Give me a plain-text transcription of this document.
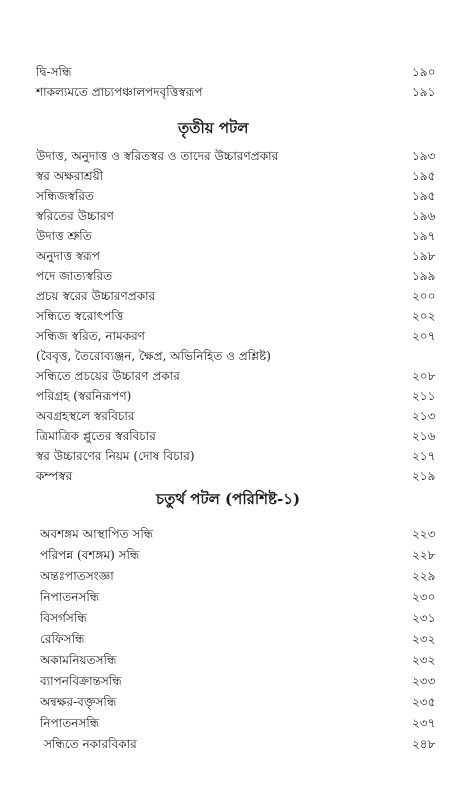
দ্বি-সন্ধি	১৯০
শাকল্যমতে প্রাচ্যপঞ্চালপদবৃত্তিস্বরূপ	১৯১
তৃতীয় পটল
উদাত্ত, অনুদাত্ত ও স্বরিতস্বর ও তাদের উচ্চারণপ্রকার	১৯৩
স্বর অক্ষরাশ্রয়ী	১৯৫
সন্ধিজস্বরিত	১৯৫
স্বরিতের উচ্চারণ	১৯৬
উদাত্ত শ্রুতি	১৯৭
অনুদাত্ত স্বরূপ	১৯৮
পদে জাত্যস্বরিত	১৯৯
প্রচয় স্বরের উচ্চারণপ্রকার	২০০
সন্ধিতে স্বরোৎপত্তি	২০২
সন্ধিজ স্বরিত, নামকরণ	২০৭
(বৈবৃত্ত, তৈরোব্যঞ্জন, ক্ষৈপ্র, অভিনিহিত ও প্রশ্লিষ্ট)
সন্ধিতে প্রচয়ের উচ্চারণ প্রকার	২০৮
পরিগ্রহ (স্বরনিরূপণ)	২১১
অবগ্রহস্থলে স্বরবিচার	২১৩
ত্রিমাত্রিক প্লুতের স্বরবিচার	২১৬
স্বর উচ্চারণের নিয়ম (দোষ বিচার)	২১৭
কম্পস্বর	২১৯
চতুর্থ পটল (পরিশিষ্ট-১)
অবশঙ্গম আস্থাপিত সন্ধি	২২৩
পরিপন্ন (বশঙ্গম) সন্ধি	২২৮
অন্তঃপাতসংজ্ঞা	২২৯
নিপাতনসন্ধি	২৩০
বিসর্গসন্ধি	২৩১
রেফিসন্ধি	২৩২
অকামনিয়তসন্ধি	২৩২
ব্যাপনবিক্রান্তসন্ধি	২৩৩
অন্বক্ষর-বক্তৃসন্ধি	২৩৫
নিপাতনসন্ধি	২৩৭
সন্ধিতে নকারবিকার	২৪৮
